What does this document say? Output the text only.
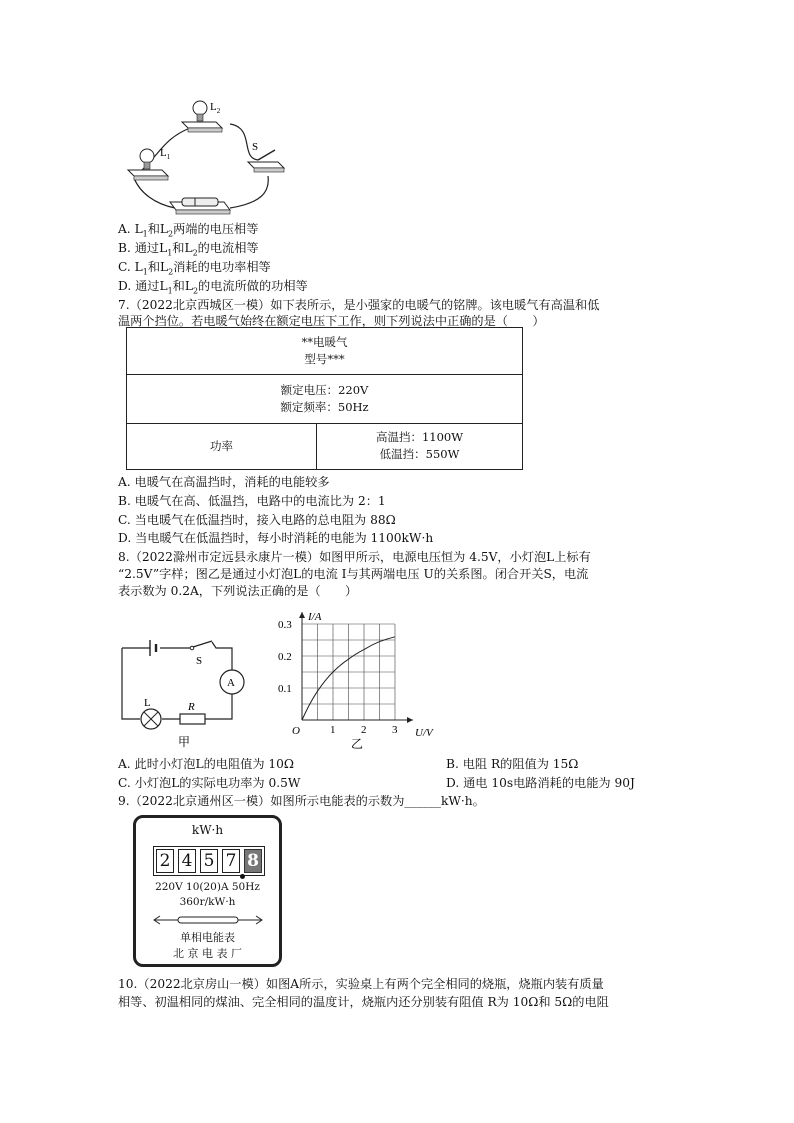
$L_1$
$L_2$
S
A. $L_1$和$L_2$两端的电压相等
B. 通过$L_1$和$L_2$的电流相等
C. $L_1$和$L_2$消耗的电功率相等
D. 通过$L_1$和$L_2$的电流所做的功相等
7.（2022北京西城区一模）如下表所示，是小强家的电暖气的铭牌。该电暖气有高温和低
温两个挡位。若电暖气始终在额定电压下工作，则下列说法中正确的是（　　）
**电暖气
型号***

额定电压：220V
额定频率：50Hz

功率	
高温挡：1100W
低温挡：550W
A. 电暖气在高温挡时，消耗的电能较多
B. 电暖气在高、低温挡，电路中的电流比为 2：1
C. 当电暖气在低温挡时，接入电路的总电阻为 88Ω
D. 当电暖气在低温挡时，每小时消耗的电能为 1100kW·h
8.（2022滁州市定远县永康片一模）如图甲所示，电源电压恒为 4.5V，小灯泡L上标有
“2.5V”字样；图乙是通过小灯泡L的电流 I与其两端电压 U的关系图。闭合开关S，电流
表示数为 0.2A，下列说法正确的是（　　）
S
A
L	R
甲
1 2 3
0.1
0.2
0.3
I/A
U/V
O
乙
A. 此时小灯泡L的电阻值为 10Ω	B. 电阻 R的阻值为 15Ω
C. 小灯泡L的实际电功率为 0.5W	D. 通电 10s电路消耗的电能为 90J
9.（2022北京通州区一模）如图所示电能表的示数为______kW·h。
kW·h
2 4 5 7 8
220V 10(20)A 50Hz
360r/kW·h
单相电能表
北 京 电 表 厂
10.（2022北京房山一模）如图A所示，实验桌上有两个完全相同的烧瓶，烧瓶内装有质量
相等、初温相同的煤油、完全相同的温度计，烧瓶内还分别装有阻值 R为 10Ω和 5Ω的电阻
